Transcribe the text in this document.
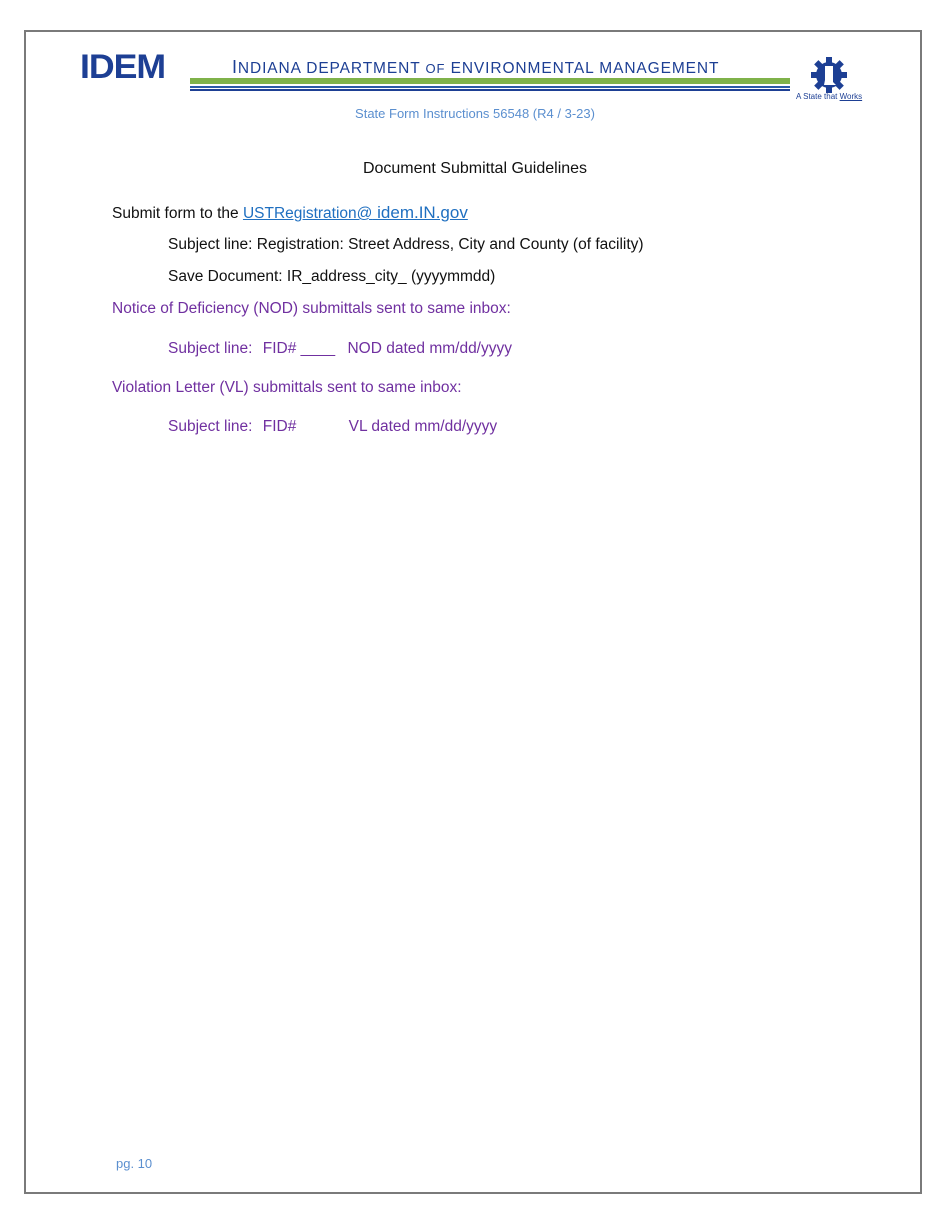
IDEM	INDIANA DEPARTMENT OF ENVIRONMENTAL MANAGEMENT
A State that Works
State Form Instructions 56548 (R4 / 3-23)
Document Submittal Guidelines
Submit form to the USTRegistration@ idem.IN.gov
Subject line: Registration: Street Address, City and County (of facility)
Save Document: IR_address_city_ (yyyymmdd)
Notice of Deficiency (NOD) submittals sent to same inbox:
Subject line: FID# ____ NOD dated mm/dd/yyyy
Violation Letter (VL) submittals sent to same inbox:
Subject line: FID#	VL dated mm/dd/yyyy
pg. 10
